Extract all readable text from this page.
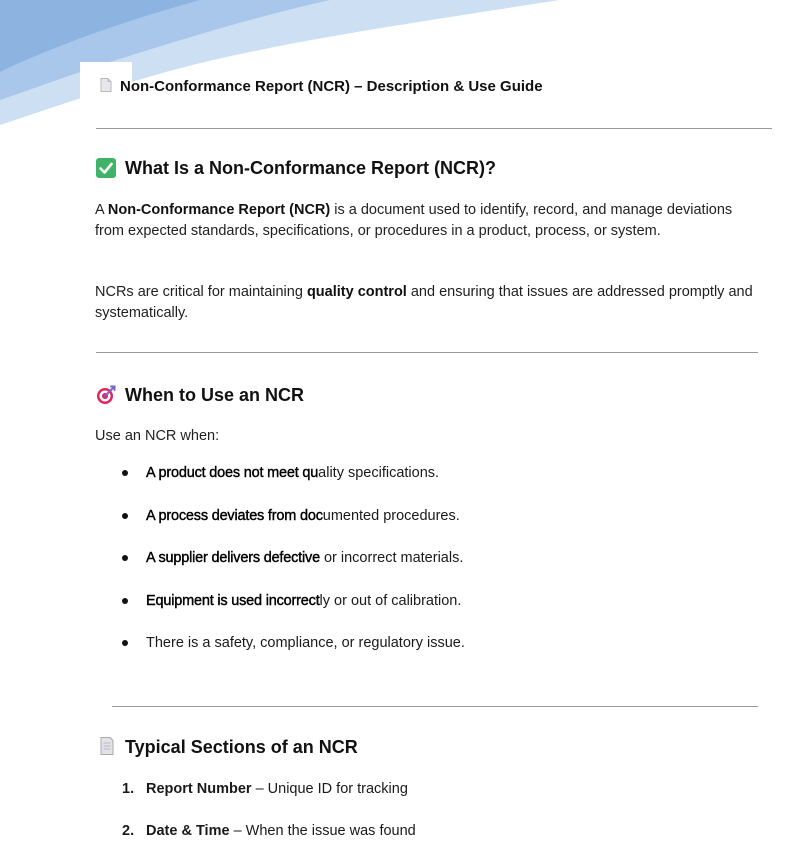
Non-Conformance Report (NCR) – Description & Use Guide
What Is a Non-Conformance Report (NCR)?
A Non-Conformance Report (NCR) is a document used to identify, record, and manage deviations from expected standards, specifications, or procedures in a product, process, or system.
NCRs are critical for maintaining quality control and ensuring that issues are addressed promptly and systematically.
When to Use an NCR
Use an NCR when:
A product does not meet quality specifications.
A process deviates from documented procedures.
A supplier delivers defective or incorrect materials.
Equipment is used incorrectly or out of calibration.
There is a safety, compliance, or regulatory issue.
Typical Sections of an NCR
1. Report Number – Unique ID for tracking
2. Date & Time – When the issue was found
